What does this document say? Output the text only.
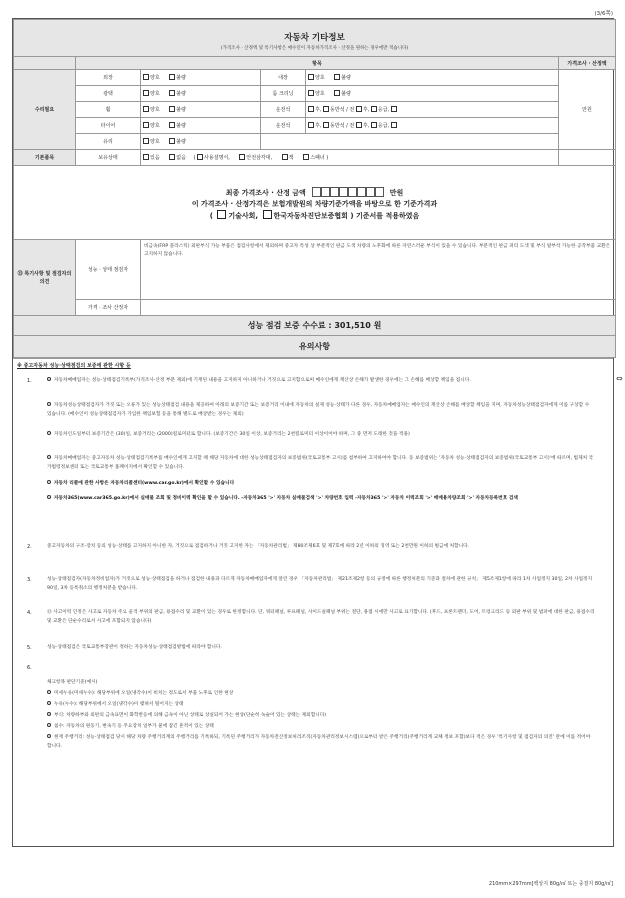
(3/6쪽)
⇔
자동차 기타정보
(가격조사 · 산정액 및 특기사항은 매수인이 자동차가격조사 · 산정을 원하는 경우에만 적습니다)					

	항목				가격조사 · 산정액
수리필요	외장	양호 불량	내장	양호 불량	만원
	광택	양호 불량	룸 크리닝	양호 불량	
	휠	양호 불량	운전석	후, 동반석 / 전 후, 응급,	
	타이어	양호 불량	운전석	후, 동반석 / 전 후, 응급,	
	유리	양호 불량			
기본품목	보유상태	있음 없음 ( 사용설명서, 안전삼각대, 잭 스패너 )			

최종 가격조사 · 산정 금액 만원
이 가격조사 · 산정가격은 보험개발원의 차량기준가액을 바탕으로 한 기준가격과
( 기술사회, 한국자동차진단보증협회 ) 기준서를 적용하였음					

⑬ 특기사항 및 점검자의 의견	성능 · 상태 점검자	비금속(FRP 플라스틱) 외판부식 가능 부품은 점검사항에서 제외하며 중고자 특성 상 부분적인 판금 도색 차량의 노후화에 따른 자연스러운 부식이 있을 수 있습니다. 부분적인 판금 퍼티 도색 및 부식 탈부착 가능한 공작부품 교환은 고지하지 않습니다.			
	가격 · 조사 산정자				
성능 점검 보증 수수료 : 301,510 원					
유의사항					
※ 중고자동차 성능·상태점검의 보증에 관한 사항 등
1.	자동차매매업자는 성능·상태점검기록부(가격조사·산정 부분 제외)에 기재된 내용을 고지하지 아니하거나 거짓으로 고지함으로써 매수인에게 재산상 손해가 발생한 경우에는 그 손해를 배상할 책임을 집니다.
자동차성능상태점검자가 거짓 또는 오류가 있는 성능상태점검 내용을 제공하여 아래의 보증기간 또는 보증거리 이내에 자동차의 실제 성능·상태가 다른 경우, 자동차매매업자는 매수인의 재산상 손해를 배상할 책임을 지며, 자동차성능상태점검자에게 이를 구상할 수 있습니다. (매수인이 성능상태점검자가 가입한 책임보험 등을 통해 별도로 배상받는 경우는 제외)
자동차인도일부터 보증기간은 (30)일, 보증거리는 (2000)킬로미터로 합니다. (보증기간은 30일 이상, 보증거리는 2천킬로미터 이상이어야 하며, 그 중 먼저 도래한 것을 적용)
자동차매매업자는 중고자동차 성능·상태점검기록부를 매수인에게 고지할 때 해당 자동차에 대한 성능상태점검자의 보증범위(국토교통부 고시)를 첨부하여 고지하여야 합니다. 동 보증범위는 '자동차 성능·상태점검자의 보증범위(국토교통부 고시)'에 따르며, 법제처 국가법령정보센터 또는 국토교통부 홈페이지에서 확인할 수 있습니다.
자동차 리콜에 관한 사항은 자동차리콜센터(www.car.go.kr)에서 확인할 수 있습니다
자동차365(www.car365.go.kr)에서 실매물 조회 및 정비이력 확인을 할 수 있습니다. -자동차365 '>' 자동차 실매물검색 '>' 차량번호 입력 -자동차365 '>' 자동차 이력조회 '>' 매매용차량조회 '>' 자동차등록번호 검색
2.	중고자동차의 구조·장치 등의 성능·상태를 고지하지 아니한 자, 거짓으로 점검하거나 거짓 고지한 자는 「자동차관리법」 제80조제6호 및 제7호에 따라 2년 이하의 징역 또는 2천만원 이하의 벌금에 처합니다.
3.	성능·상태점검자(자동차정비업자)가 거짓으로 성능·상태점검을 하거나 점검한 내용과 다르게 자동차매매업자에게 알린 경우 「자동차관리법」 제21조제2항 등의 규정에 따른 행정처분의 기준과 절차에 관한 규칙」 제5조제1항에 따라 1차 사업정지 30일, 2차 사업정지 90일, 3차 등록취소의 행정처분을 받습니다.
4.	⑬ 사고이력 인정은 사고로 자동차 주요 골격 부위의 판금, 용접수리 및 교환이 있는 경우로 한정합니다. 단, 쿼터패널, 루프패널, 사이드실패널 부위는 절단, 용접 시에만 사고로 표기합니다. (후드, 프론트펜더, 도어, 트렁크리드 등 외판 부위 및 범퍼에 대한 판금, 용접수리 및 교환은 단순수리로서 사고에 포함되지 않습니다)
5.	성능·상태점검은 국토교통부장관이 정하는 자동차성능·상태점검방법에 따라야 합니다.
6.
체크항목 판단기준(예시)
미세누유(미세누수): 해당부위에 오일(냉각수)이 비치는 정도로서 부품 노후로 인한 현상
누유(누수): 해당부위에서 오일(냉각수)이 맺혀서 떨어지는 상태
부식: 차량하부와 외판의 금속표면이 화학반응에 의해 금속이 아닌 상태로 상실되어 가는 현상(단순히 녹슬어 있는 상태는 제외합니다)
침수: 자동차의 원동기, 변속기 등 주요장치 일부가 물에 잠긴 흔적이 있는 상태
현재 주행거리: 성능·상태점검 당시 해당 차량 주행거리계의 주행거리를 기록하되, 기록된 주행거리가 자동차전산정보처리조직(자동차관리정보시스템)으로부터 받은 주행거리(주행거리계 교체 정보 포함)보다 적은 경우 '특기사항 및 점검자의 의견' 란에 이를 적어야 합니다.
210mm×297mm[백상지 80g/㎡ 또는 중질지 80g/㎡]
